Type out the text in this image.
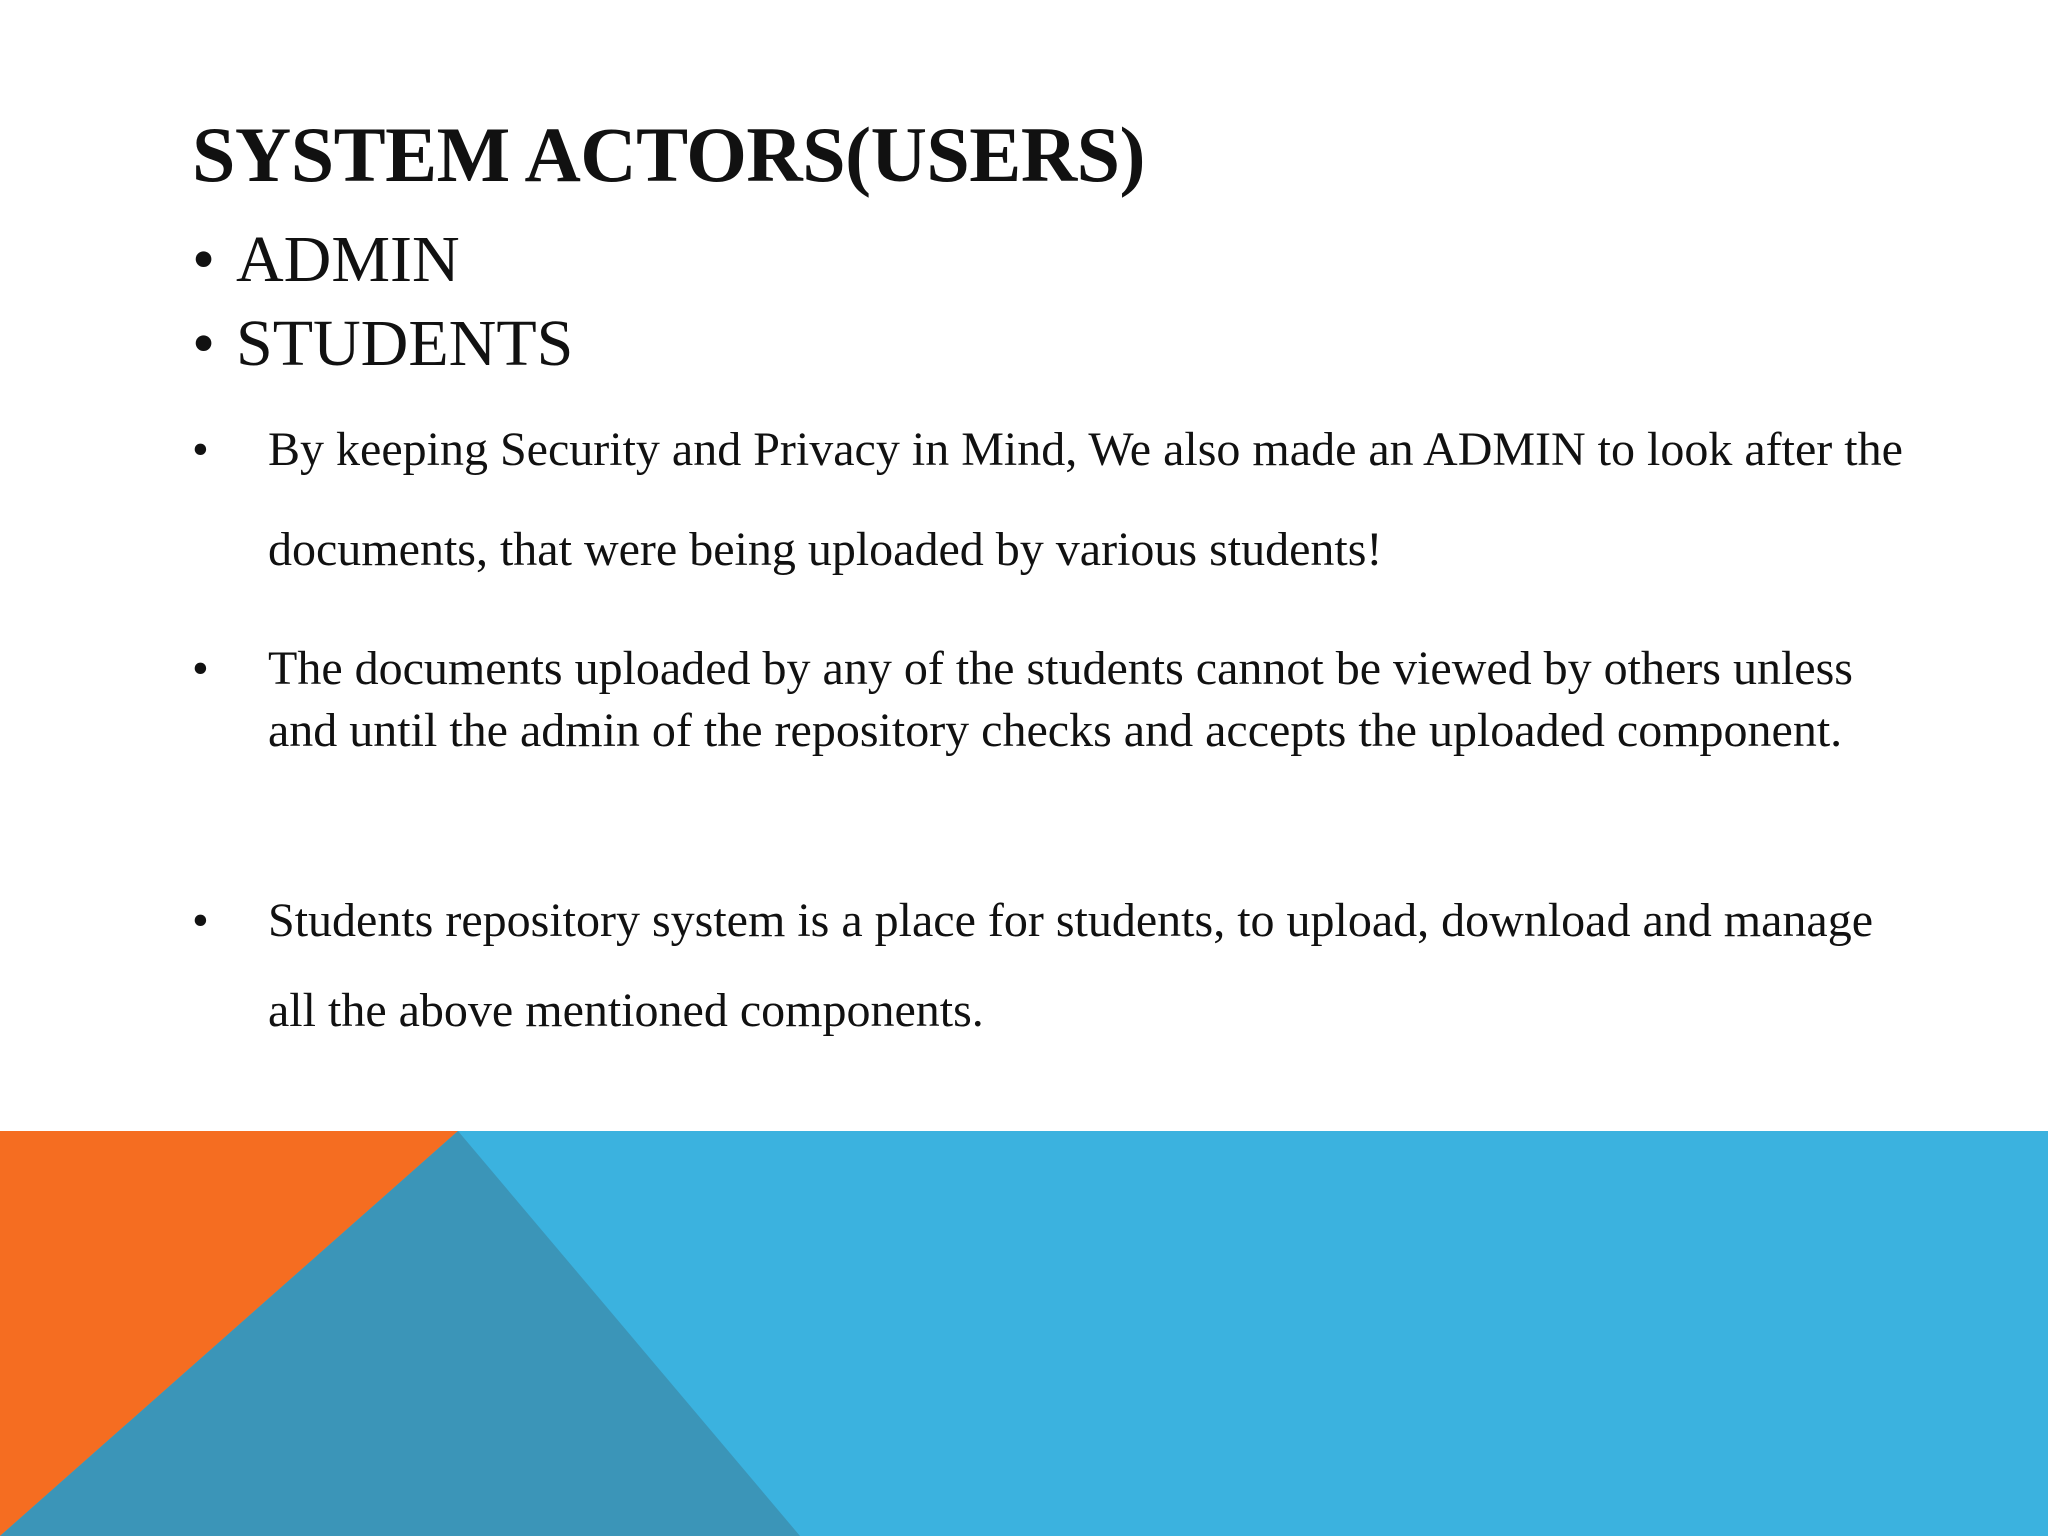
SYSTEM ACTORS(USERS)
• ADMIN
• STUDENTS
•	By keeping Security and Privacy in Mind, We also made an ADMIN to look after the documents, that were being uploaded by various students!
•	The documents uploaded by any of the students cannot be viewed by others unless and until the admin of the repository checks and accepts the uploaded component.
•	Students repository system is a place for students, to upload, download and manage all the above mentioned components.
